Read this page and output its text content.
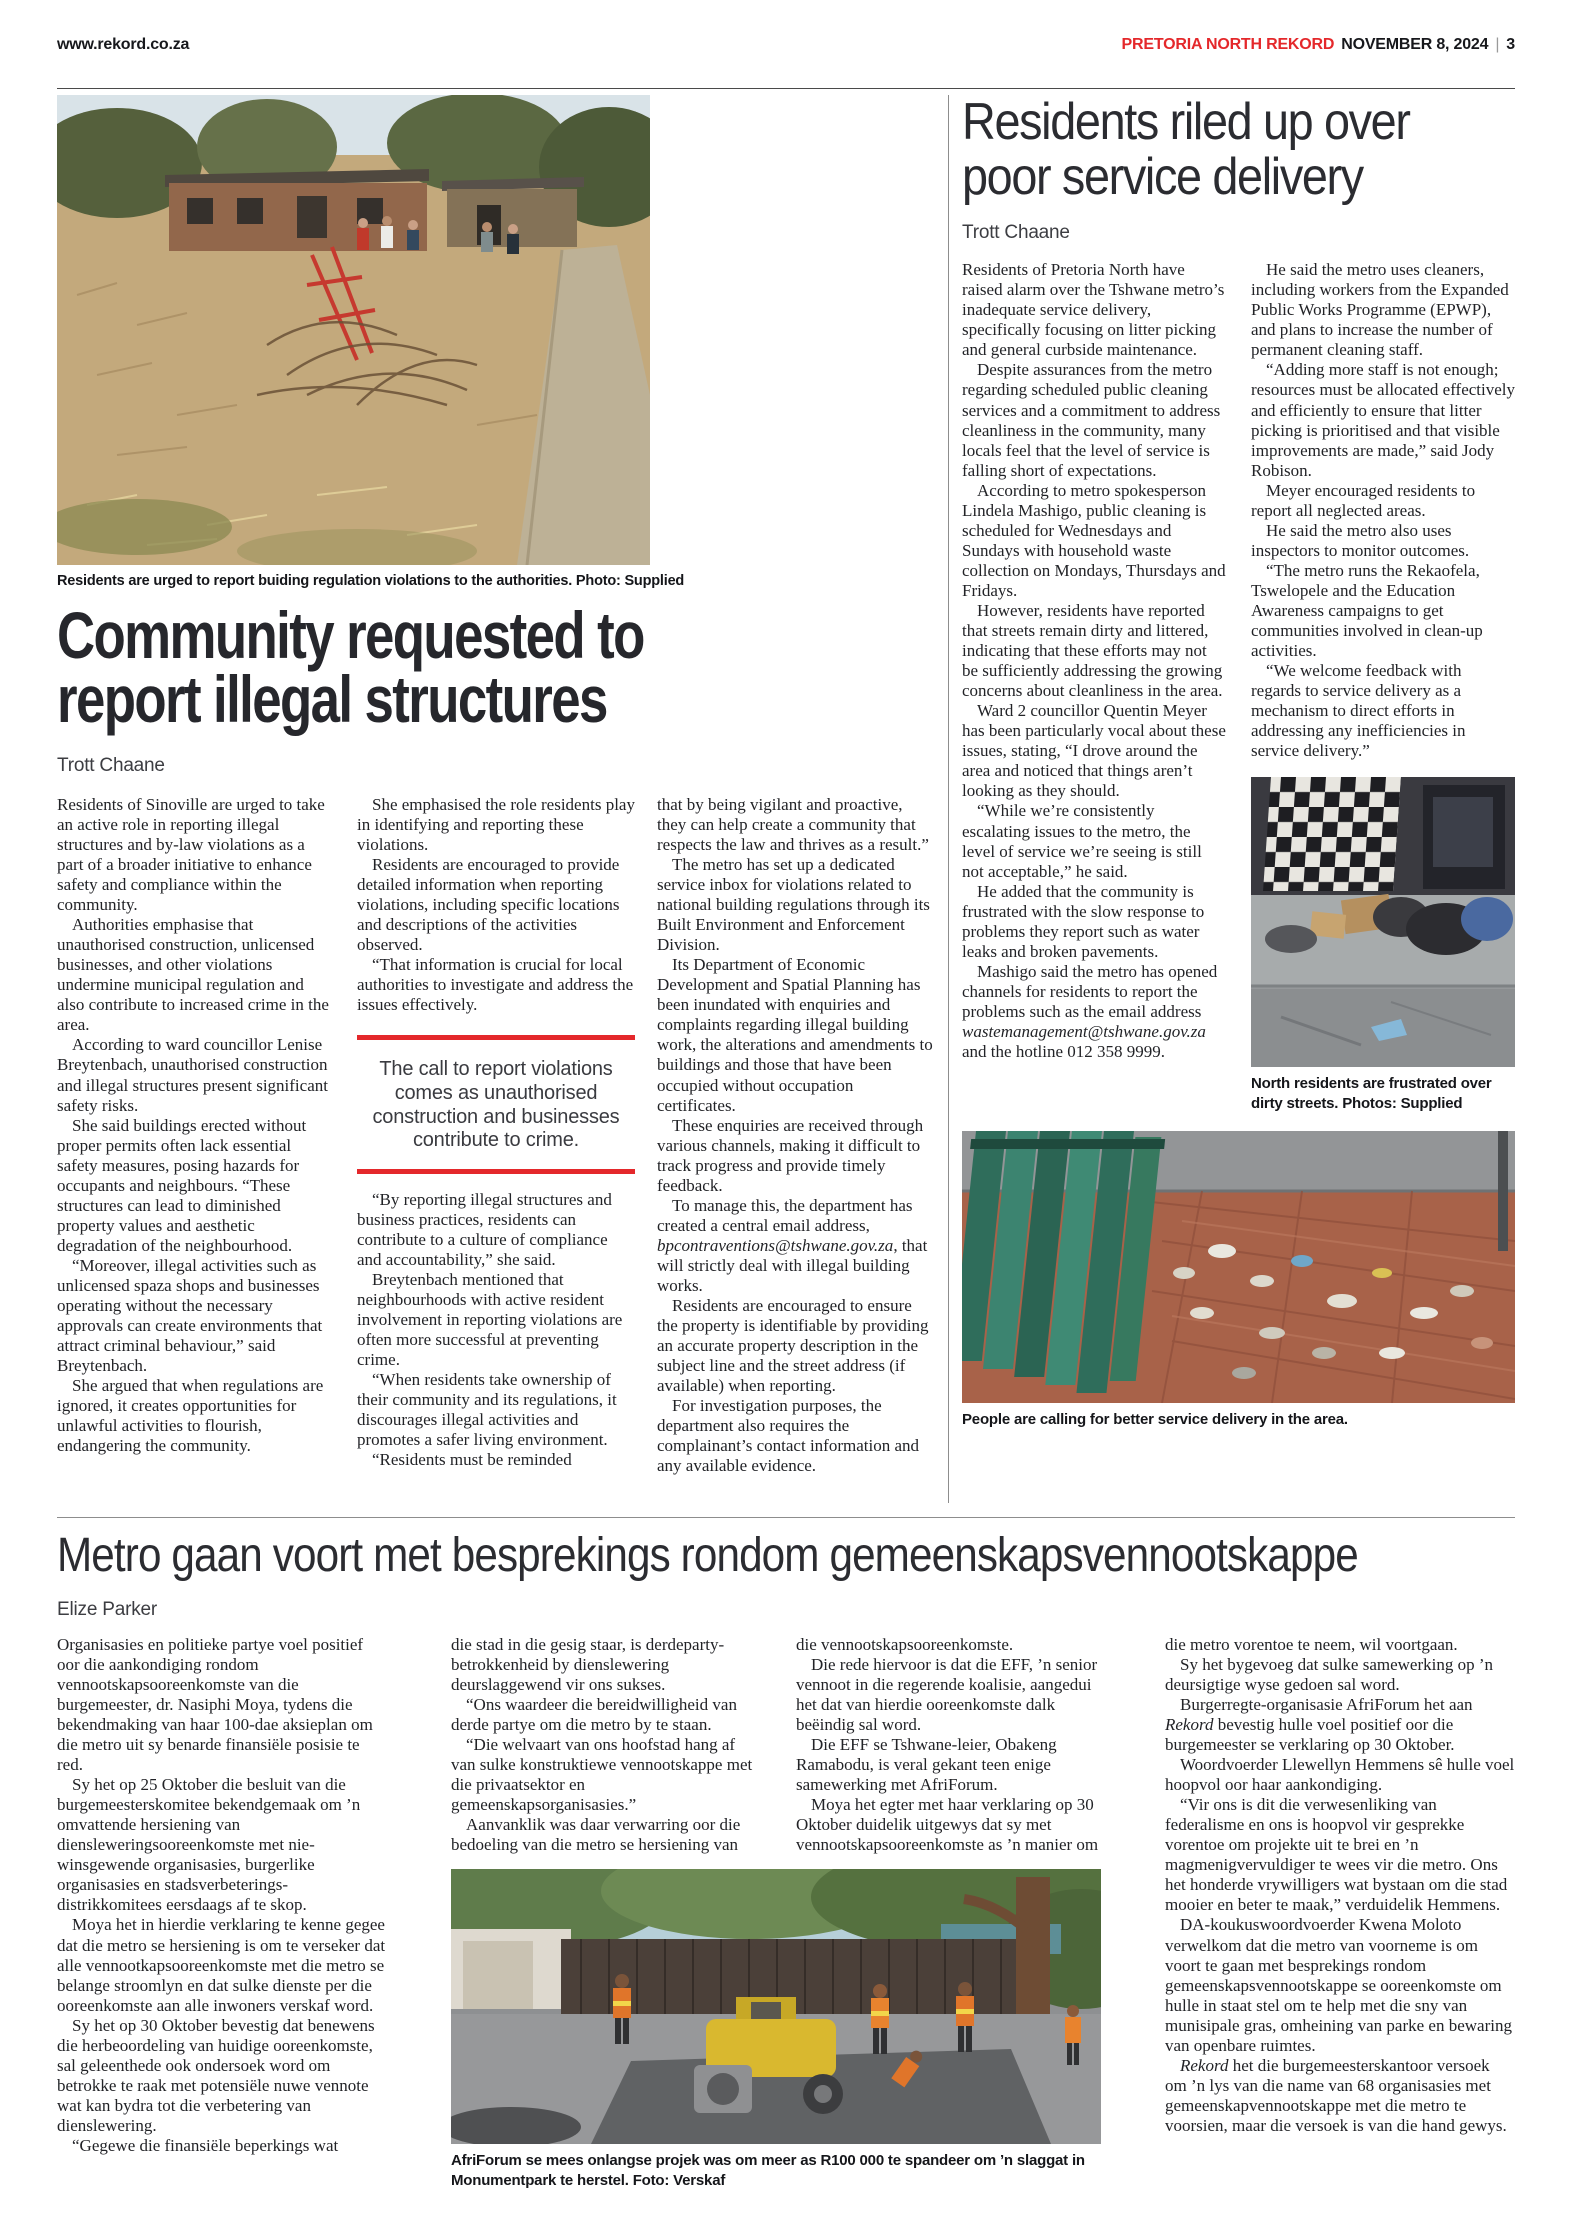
www.rekord.co.za	PRETORIA NORTH REKORD NOVEMBER 8, 2024 | 3
Residents are urged to report buiding regulation violations to the authorities. Photo: Supplied
Community requested to
report illegal structures
Trott Chaane

Residents of Sinoville are urged to take an active role in reporting illegal structures and by-law violations as a part of a broader initiative to enhance safety and compliance within the community.

Authorities emphasise that unauthorised construction, unlicensed businesses, and other violations undermine municipal regulation and also contribute to increased crime in the area.

According to ward councillor Lenise Breytenbach, unauthorised construction and illegal structures present significant safety risks.

She said buildings erected without proper permits often lack essential safety measures, posing hazards for occupants and neighbours. “These structures can lead to diminished property values and aesthetic degradation of the neighbourhood.

“Moreover, illegal activities such as unlicensed spaza shops and businesses operating without the necessary approvals can create environments that attract criminal behaviour,” said Breytenbach.

She argued that when regulations are ignored, it creates opportunities for unlawful activities to flourish, endangering the community.

She emphasised the role residents play in identifying and reporting these violations.

Residents are encouraged to provide detailed information when reporting violations, including specific locations and descriptions of the activities observed.

“That information is crucial for local authorities to investigate and address the issues effectively.

The call to report violations comes as unauthorised construction and businesses contribute to crime.

“By reporting illegal structures and business practices, residents can contribute to a culture of compliance and accountability,” she said.

Breytenbach mentioned that neighbourhoods with active resident involvement in reporting violations are often more successful at preventing crime.

“When residents take ownership of their community and its regulations, it discourages illegal activities and promotes a safer living environment.

“Residents must be reminded

that by being vigilant and proactive, they can help create a community that respects the law and thrives as a result.”

The metro has set up a dedicated service inbox for violations related to national building regulations through its Built Environment and Enforcement Division.

Its Department of Economic Development and Spatial Planning has been inundated with enquiries and complaints regarding illegal building work, the alterations and amendments to buildings and those that have been occupied without occupation certificates.

These enquiries are received through various channels, making it difficult to track progress and provide timely feedback.

To manage this, the department has created a central email address, bpcontraventions@tshwane.gov.za, that will strictly deal with illegal building works.

Residents are encouraged to ensure the property is identifiable by providing an accurate property description in the subject line and the street address (if available) when reporting.

For investigation purposes, the department also requires the complainant’s contact information and any available evidence.

Residents riled up over
poor service delivery
Trott Chaane

Residents of Pretoria North have raised alarm over the Tshwane metro’s inadequate service delivery, specifically focusing on litter picking and general curbside maintenance.

Despite assurances from the metro regarding scheduled public cleaning services and a commitment to address cleanliness in the community, many locals feel that the level of service is falling short of expectations.

According to metro spokesperson Lindela Mashigo, public cleaning is scheduled for Wednesdays and Sundays with household waste collection on Mondays, Thursdays and Fridays.

However, residents have reported that streets remain dirty and littered, indicating that these efforts may not be sufficiently addressing the growing concerns about cleanliness in the area.

Ward 2 councillor Quentin Meyer has been particularly vocal about these issues, stating, “I drove around the area and noticed that things aren’t looking as they should.

“While we’re consistently escalating issues to the metro, the level of service we’re seeing is still not acceptable,” he said.

He added that the community is frustrated with the slow response to problems they report such as water leaks and broken pavements.

Mashigo said the metro has opened channels for residents to report the problems such as the email address wastemanagement@tshwane.gov.za and the hotline 012 358 9999.

He said the metro uses cleaners, including workers from the Expanded Public Works Programme (EPWP), and plans to increase the number of permanent cleaning staff.

“Adding more staff is not enough; resources must be allocated effectively and efficiently to ensure that litter picking is prioritised and that visible improvements are made,” said Jody Robison.

Meyer encouraged residents to report all neglected areas.

He said the metro also uses inspectors to monitor outcomes.

“The metro runs the Rekaofela, Tswelopele and the Education Awareness campaigns to get communities involved in clean-up activities.

“We welcome feedback with regards to service delivery as a mechanism to direct efforts in addressing any inefficiencies in service delivery.”

North residents are frustrated over dirty streets. Photos: Supplied
People are calling for better service delivery in the area.
Metro gaan voort met besprekings rondom gemeenskapsvennootskappe
Elize Parker

Organisasies en politieke partye voel positief oor die aankondiging rondom vennootskapsooreenkomste van die burgemeester, dr. Nasiphi Moya, tydens die bekendmaking van haar 100-dae aksieplan om die metro uit sy benarde finansiële posisie te red.

Sy het op 25 Oktober die besluit van die burgemeesterskomitee bekendgemaak om ’n omvattende hersiening van diensleweringsooreenkomste met nie-winsgewende organisasies, burgerlike organisasies en stadsverbeterings-distrikkomitees eersdaags af te skop.

Moya het in hierdie verklaring te kenne gegee dat die metro se hersiening is om te verseker dat alle vennootkapsooreenkomste met die metro se belange stroomlyn en dat sulke dienste per die ooreenkomste aan alle inwoners verskaf word.

Sy het op 30 Oktober bevestig dat benewens die herbeoordeling van huidige ooreenkomste, sal geleenthede ook ondersoek word om betrokke te raak met potensiële nuwe vennote wat kan bydra tot die verbetering van dienslewering.

“Gegewe die finansiële beperkings wat

die stad in die gesig staar, is derdeparty-betrokkenheid by dienslewering deurslaggewend vir ons sukses.

“Ons waardeer die bereidwilligheid van derde partye om die metro by te staan.

“Die welvaart van ons hoofstad hang af van sulke konstruktiewe vennootskappe met die privaatsektor en gemeenskapsorganisasies.”

Aanvanklik was daar verwarring oor die bedoeling van die metro se hersiening van

die vennootskapsooreenkomste.

Die rede hiervoor is dat die EFF, ’n senior vennoot in die regerende koalisie, aangedui het dat van hierdie ooreenkomste dalk beëindig sal word.

Die EFF se Tshwane-leier, Obakeng Ramabodu, is veral gekant teen enige samewerking met AfriForum.

Moya het egter met haar verklaring op 30 Oktober duidelik uitgewys dat sy met vennootskapsooreenkomste as ’n manier om

AfriForum se mees onlangse projek was om meer as R100 000 te spandeer om ’n slaggat in Monumentpark te herstel. Foto: Verskaf

die metro vorentoe te neem, wil voortgaan.

Sy het bygevoeg dat sulke samewerking op ’n deursigtige wyse gedoen sal word.

Burgerregte-organisasie AfriForum het aan Rekord bevestig hulle voel positief oor die burgemeester se verklaring op 30 Oktober.

Woordvoerder Llewellyn Hemmens sê hulle voel hoopvol oor haar aankondiging.

“Vir ons is dit die verwesenliking van federalisme en ons is hoopvol vir gesprekke vorentoe om projekte uit te brei en ’n magmenigvervuldiger te wees vir die metro. Ons het honderde vrywilligers wat bystaan om die stad mooier en beter te maak,” verduidelik Hemmens.

DA-koukuswoordvoerder Kwena Moloto verwelkom dat die metro van voorneme is om voort te gaan met besprekings rondom gemeenskapsvennootskappe se ooreenkomste om hulle in staat stel om te help met die sny van munisipale gras, omheining van parke en bewaring van openbare ruimtes.

Rekord het die burgemeesterskantoor versoek om ’n lys van die name van 68 organisasies met gemeenskapvennootskappe met die metro te voorsien, maar die versoek is van die hand gewys.
